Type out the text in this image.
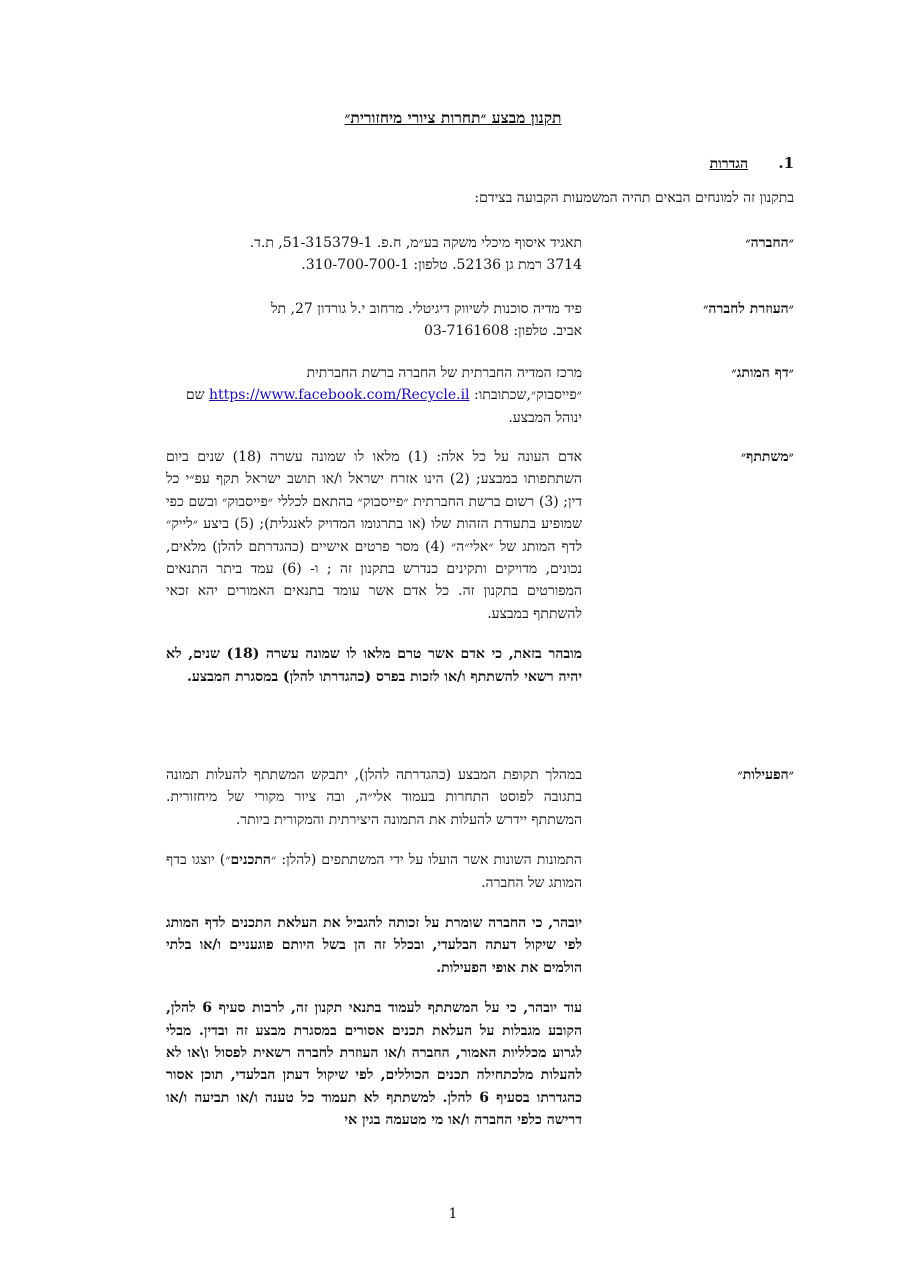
תקנון מבצע ״תחרות ציורי מיחזורית״
1.הגדרות
בתקנון זה למונחים הבאים תהיה המשמעות הקבועה בצידם:
״החברה״
תאגיד איסוף מיכלי משקה בע״מ, ח.פ. 51-315379-1, ת.ד.
3714 רמת גן 52136. טלפון: 310-700-700-1.
״העוזרת לחברה״
פיד מדיה סוכנות לשיווק דיגיטלי. מרחוב י.ל גורדון 27, תל
אביב. טלפון: 03-7161608
״דף המותג״
מרכז המדיה החברתית של החברה ברשת החברתית
״פייסבוק״,שכתובתו: https://www.facebook.com/Recycle.il שם
ינוהל המבצע.
״משתתף״

אדם העונה על כל אלה: (1) מלאו לו שמונה עשרה (18) שנים ביום השתתפותו במבצע; (2) הינו אזרח ישראל ו/או תושב ישראל תקף עפ״י כל דין; (3) רשום ברשת החברתית ״פייסבוק״ בהתאם לכללי ״פייסבוק״ ובשם כפי שמופיע בתעודת הזהות שלו (או בתרגומו המדויק לאנגלית); (5) ביצע ״לייק״ לדף המותג של ״אלי״ה״ (4) מסר פרטים אישיים (כהגדרתם להלן) מלאים, נכונים, מדויקים ותקינים כנדרש בתקנון זה ; ו- (6) עמד ביתר התנאים המפורטים בתקנון זה. כל אדם אשר עומד בתנאים האמורים יהא זכאי להשתתף במבצע.

מובהר בזאת, כי אדם אשר טרם מלאו לו שמונה עשרה (18) שנים, לא יהיה רשאי להשתתף ו/או לזכות בפרס (כהגדרתו להלן) במסגרת המבצע.

״הפעילות״

במהלך תקופת המבצע (כהגדרתה להלן), יתבקש המשתתף להעלות תמונה בתגובה לפוסט התחרות בעמוד אלי״ה, ובה ציור מקורי של מיחזורית. המשתתף יידרש להעלות את התמונה היצירתית והמקורית ביותר.

התמונות השונות אשר הועלו על ידי המשתתפים (להלן: ״התכנים״) יוצגו בדף המותג של החברה.

יובהר, כי החברה שומרת על זכותה להגביל את העלאת התכנים לדף המותג לפי שיקול דעתה הבלעדי, ובכלל זה הן בשל היותם פוגעניים ו/או בלתי הולמים את אופי הפעילות.

עוד יובהר, כי על המשתתף לעמוד בתנאי תקנון זה, לרבות סעיף 6 להלן, הקובע מגבלות על העלאת תכנים אסורים במסגרת מבצע זה ובדין. מבלי לגרוע מכלליות האמור, החברה ו/או העוזרת לחברה רשאית לפסול ו\או לא להעלות מלכתחילה תכנים הכוללים, לפי שיקול דעתן הבלעדי, תוכן אסור כהגדרתו בסעיף 6 להלן. למשתתף לא תעמוד כל טענה ו/או תביעה ו/או דרישה כלפי החברה ו/או מי מטעמה בגין אי

1
